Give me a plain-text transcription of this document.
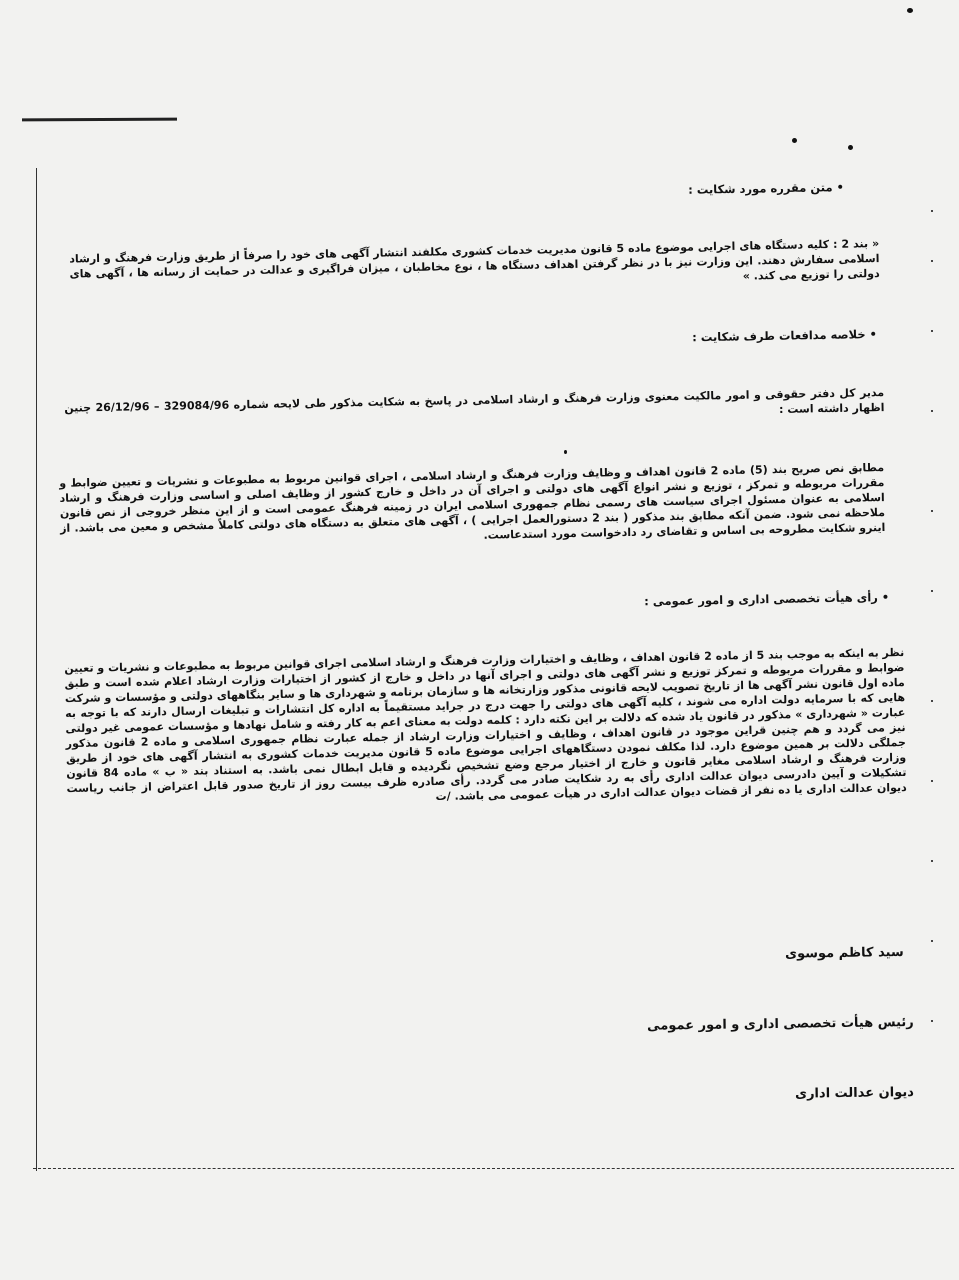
• متن مقرره مورد شکایت :
« بند 2 : کلیه دستگاه های اجرایی موضوع ماده 5 قانون مدیریت خدمات کشوری مکلفند انتشار آگهی های خود را صرفاً از طریق وزارت فرهنگ و ارشاد اسلامی سفارش دهند. این وزارت نیز با در نظر گرفتن اهداف دستگاه ها ، نوع مخاطبان ، میزان فراگیری و عدالت در حمایت از رسانه ها ، آگهی های دولتی را توزیع می کند. »
• خلاصه مدافعات طرف شکایت :
مدیر کل دفتر حقوقی و امور مالکیت معنوی وزارت فرهنگ و ارشاد اسلامی در پاسخ به شکایت مذکور طی لایحه شماره 329084/96 – 26/12/96 چنین اظهار داشته است :
مطابق نص صریح بند (5) ماده 2 قانون اهداف و وظایف وزارت فرهنگ و ارشاد اسلامی ، اجرای قوانین مربوط به مطبوعات و نشریات و تعیین ضوابط و مقررات مربوطه و تمرکز ، توزیع و نشر انواع آگهی های دولتی و اجرای آن در داخل و خارج کشور از وظایف اصلی و اساسی وزارت فرهنگ و ارشاد اسلامی به عنوان مسئول اجرای سیاست های رسمی نظام جمهوری اسلامی ایران در زمینه فرهنگ عمومی است و از این منظر خروجی از نص قانون ملاحظه نمی شود. ضمن آنکه مطابق بند مذکور ( بند 2 دستورالعمل اجرایی ) ، آگهی های متعلق به دستگاه های دولتی کاملاً مشخص و معین می باشد. از اینرو شکایت مطروحه بی اساس و تقاضای رد دادخواست مورد استدعاست.
• رأی هیأت تخصصی اداری و امور عمومی :
نظر به اینکه به موجب بند 5 از ماده 2 قانون اهداف ، وظایف و اختیارات وزارت فرهنگ و ارشاد اسلامی اجرای قوانین مربوط به مطبوعات و نشریات و تعیین ضوابط و مقررات مربوطه و تمرکز توزیع و نشر آگهی های دولتی و اجرای آنها در داخل و خارج از کشور از اختیارات وزارت ارشاد اعلام شده است و طبق ماده اول قانون نشر آگهی ها از تاریخ تصویب لایحه قانونی مذکور وزارتخانه ها و سازمان برنامه و شهرداری ها و سایر بنگاههای دولتی و مؤسسات و شرکت هایی که با سرمایه دولت اداره می شوند ، کلیه آگهی های دولتی را جهت درج در جراید مستقیماً به اداره کل انتشارات و تبلیغات ارسال دارند که با توجه به عبارت « شهرداری » مذکور در قانون یاد شده که دلالت بر این نکته دارد : کلمه دولت به معنای اعم به کار رفته و شامل نهادها و مؤسسات عمومی غیر دولتی نیز می گردد و هم چنین قراین موجود در قانون اهداف ، وظایف و اختیارات وزارت ارشاد از جمله عبارت نظام جمهوری اسلامی و ماده 2 قانون مذکور جملگی دلالت بر همین موضوع دارد. لذا مکلف نمودن دستگاههای اجرایی موضوع ماده 5 قانون مدیریت خدمات کشوری به انتشار آگهی های خود از طریق وزارت فرهنگ و ارشاد اسلامی مغایر قانون و خارج از اختیار مرجع وضع تشخیص نگردیده و قابل ابطال نمی باشد. به استناد بند « ب » ماده 84 قانون تشکیلات و آیین دادرسی دیوان عدالت اداری رأی به رد شکایت صادر می گردد. رأی صادره ظرف بیست روز از تاریخ صدور قابل اعتراض از جانب ریاست دیوان عدالت اداری یا ده نفر از قضات دیوان عدالت اداری در هیأت عمومی می باشد. /ت
سید کاظم موسوی
رئیس هیأت تخصصی اداری و امور عمومی
دیوان عدالت اداری
